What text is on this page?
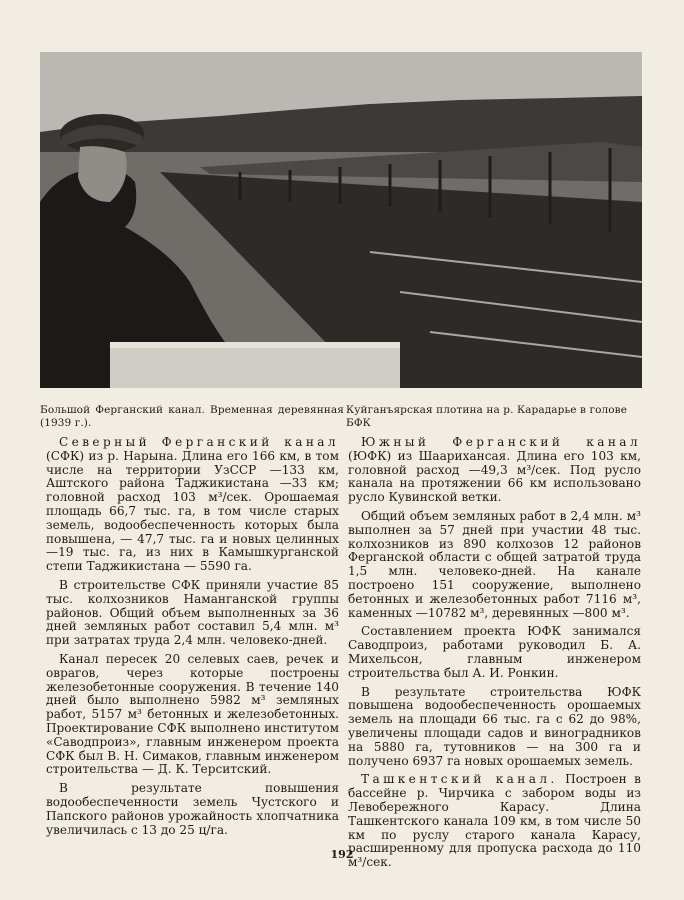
Большой Ферганский канал. Временная деревянная (1939 г.).
Куйганъярская плотина на р. Карадарье в голове БФК

Северный Ферганский канал (СФК) из р. Нарына. Длина его 166 км, в том числе на территории УзССР —133 км, Аштского района Таджикистана —33 км; головной расход 103 м³/сек. Орошаемая площадь 66,7 тыс. га, в том числе старых земель, водообеспеченность которых была повышена, — 47,7 тыс. га и новых целинных —19 тыс. га, из них в Камышкурганской степи Таджикистана — 5590 га.

В строительстве СФК приняли участие 85 тыс. колхозников Наманганской группы районов. Общий объем выполненных за 36 дней земляных работ составил 5,4 млн. м³ при затратах труда 2,4 млн. человеко-дней.

Канал пересек 20 селевых саев, речек и оврагов, через которые построены железобетонные сооружения. В течение 140 дней было выполнено 5982 м³ земляных работ, 5157 м³ бетонных и железобетонных. Проектирование СФК выполнено институтом «Саводпроиз», главным инженером проекта СФК был В. Н. Симаков, главным инженером строительства — Д. К. Терситский.

В результате повышения водообеспеченности земель Чустского и Папского районов урожайность хлопчатника увеличилась с 13 до 25 ц/га.

Южный Ферганский канал (ЮФК) из Шаарихансая. Длина его 103 км, головной расход —49,3 м³/сек. Под русло канала на протяжении 66 км использовано русло Кувинской ветки.

Общий объем земляных работ в 2,4 млн. м³ выполнен за 57 дней при участии 48 тыс. колхозников из 890 колхозов 12 районов Ферганской области с общей затратой труда 1,5 млн. человеко-дней. На канале построено 151 сооружение, выполнено бетонных и железобетонных работ 7116 м³, каменных —10782 м³, деревянных —800 м³.

Составлением проекта ЮФК занимался Саводпроиз, работами руководил Б. А. Михельсон, главным инженером строительства был А. И. Ронкин.

В результате строительства ЮФК повышена водообеспеченность орошаемых земель на площади 66 тыс. га с 62 до 98%, увеличены площади садов и виноградников на 5880 га, тутовников — на 300 га и получено 6937 га новых орошаемых земель.

Ташкентский канал. Построен в бассейне р. Чирчика с забором воды из Левобережного Карасу. Длина Ташкентского канала 109 км, в том числе 50 км по руслу старого канала Карасу, расширенному для пропуска расхода до 110 м³/сек.

192
